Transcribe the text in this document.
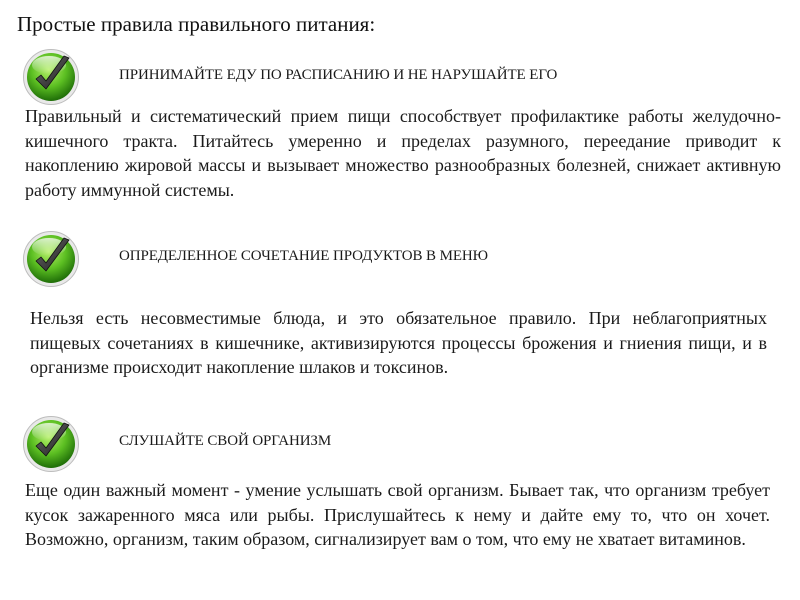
Простые правила правильного питания:
ПРИНИМАЙТЕ ЕДУ ПО РАСПИСАНИЮ И НЕ НАРУШАЙТЕ ЕГО
Правильный и систематический прием пищи способствует профилактике работы желудочно-кишечного тракта. Питайтесь умеренно и пределах разумного, переедание приводит к накоплению жировой массы и вызывает множество разнообразных болезней, снижает активную работу иммунной системы.
ОПРЕДЕЛЕННОЕ СОЧЕТАНИЕ ПРОДУКТОВ В МЕНЮ
Нельзя есть несовместимые блюда, и это обязательное правило. При неблагоприятных пищевых сочетаниях в кишечнике, активизируются процессы брожения и гниения пищи, и в организме происходит накопление шлаков и токсинов.
СЛУШАЙТЕ СВОЙ ОРГАНИЗМ
Еще один важный момент - умение услышать свой организм. Бывает так, что организм требует кусок зажаренного мяса или рыбы. Прислушайтесь к нему и дайте ему то, что он хочет. Возможно, организм, таким образом, сигнализирует вам о том, что ему не хватает витаминов.
